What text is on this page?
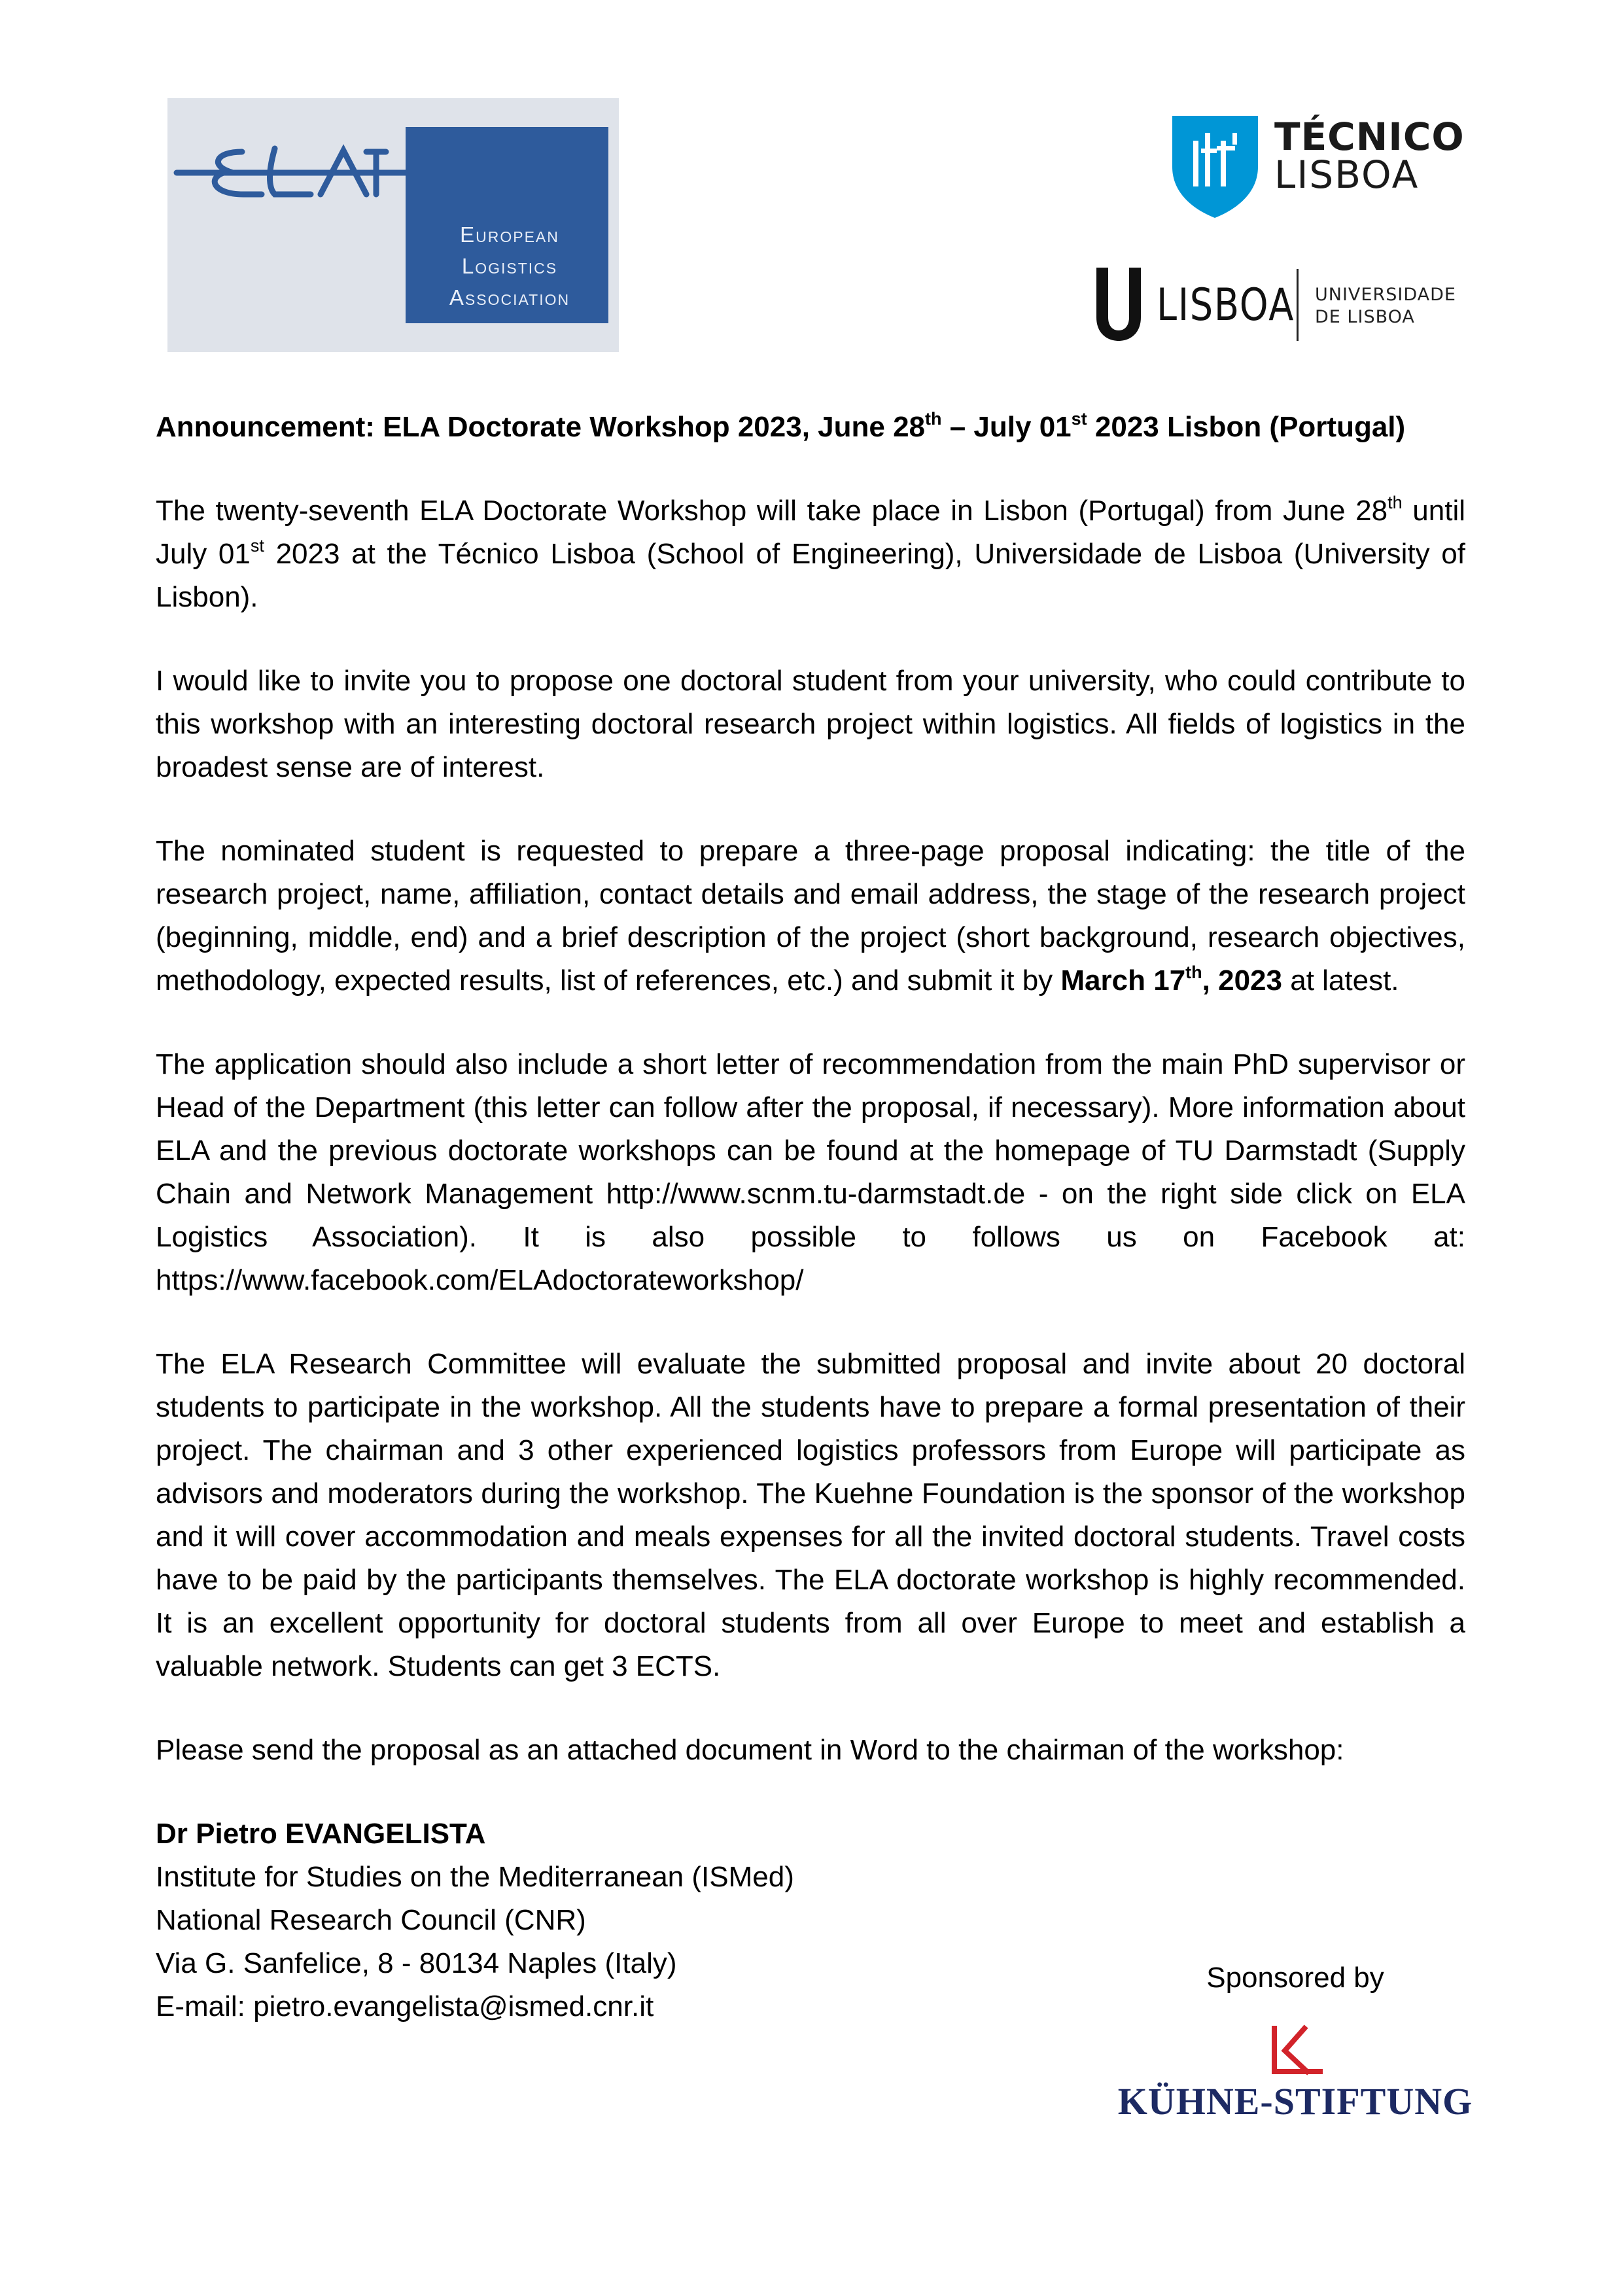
European
Logistics
Association
TÉCNICO
LISBOA
LISBOA UNIVERSIDADE
DE LISBOA

Announcement: ELA Doctorate Workshop 2023, June 28th – July 01st 2023 Lisbon (Portugal)

The twenty-seventh ELA Doctorate Workshop will take place in Lisbon (Portugal) from June 28th until July 01st 2023 at the Técnico Lisboa (School of Engineering), Universidade de Lisboa (University of Lisbon).

I would like to invite you to propose one doctoral student from your university, who could contribute to this workshop with an interesting doctoral research project within logistics. All fields of logistics in the broadest sense are of interest.

The nominated student is requested to prepare a three-page proposal indicating: the title of the research project, name, affiliation, contact details and email address, the stage of the research project (beginning, middle, end) and a brief description of the project (short background, research objectives, methodology, expected results, list of references, etc.) and submit it by March 17th, 2023 at latest.

The application should also include a short letter of recommendation from the main PhD supervisor or Head of the Department (this letter can follow after the proposal, if necessary). More information about ELA and the previous doctorate workshops can be found at the homepage of TU Darmstadt (Supply Chain and Network Management http://www.scnm.tu-darmstadt.de - on the right side click on ELA Logistics Association). It is also possible to follows us on Facebook at: https://www.facebook.com/ELAdoctorateworkshop/

The ELA Research Committee will evaluate the submitted proposal and invite about 20 doctoral students to participate in the workshop. All the students have to prepare a formal presentation of their project. The chairman and 3 other experienced logistics professors from Europe will participate as advisors and moderators during the workshop. The Kuehne Foundation is the sponsor of the workshop and it will cover accommodation and meals expenses for all the invited doctoral students. Travel costs have to be paid by the participants themselves. The ELA doctorate workshop is highly recommended. It is an excellent opportunity for doctoral students from all over Europe to meet and establish a valuable network. Students can get 3 ECTS.

Please send the proposal as an attached document in Word to the chairman of the workshop:

Dr Pietro EVANGELISTA
Institute for Studies on the Mediterranean (ISMed)
National Research Council (CNR)
Via G. Sanfelice, 8 - 80134 Naples (Italy)
E-mail: pietro.evangelista@ismed.cnr.it
Sponsored by
KÜHNE-STIFTUNG
